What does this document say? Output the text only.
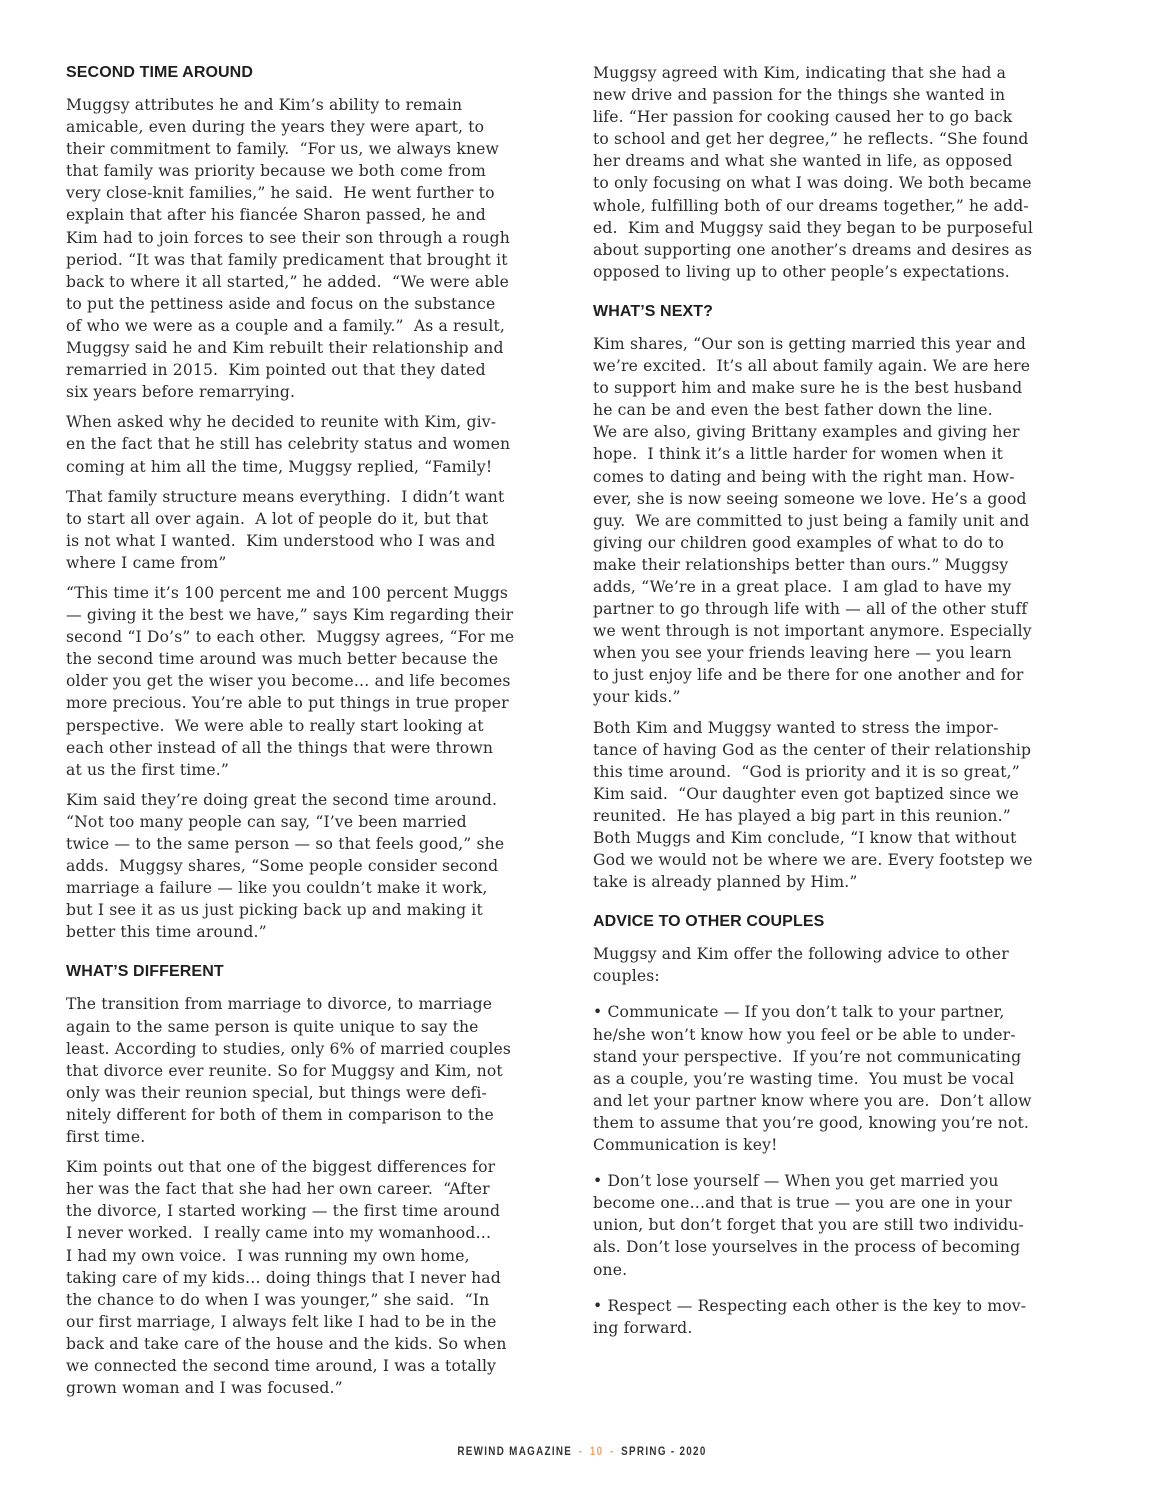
SECOND TIME AROUND

Muggsy attributes he and Kim’s ability to remain
amicable, even during the years they were apart, to
their commitment to family.  “For us, we always knew
that family was priority because we both come from
very close-knit families,” he said.  He went further to
explain that after his fiancée Sharon passed, he and
Kim had to join forces to see their son through a rough
period. “It was that family predicament that brought it
back to where it all started,” he added.  “We were able
to put the pettiness aside and focus on the substance
of who we were as a couple and a family.”  As a result,
Muggsy said he and Kim rebuilt their relationship and
remarried in 2015.  Kim pointed out that they dated
six years before remarrying.

When asked why he decided to reunite with Kim, giv-
en the fact that he still has celebrity status and women
coming at him all the time, Muggsy replied, “Family!

That family structure means everything.  I didn’t want
to start all over again.  A lot of people do it, but that
is not what I wanted.  Kim understood who I was and
where I came from”

“This time it’s 100 percent me and 100 percent Muggs
— giving it the best we have,” says Kim regarding their
second “I Do’s” to each other.  Muggsy agrees, “For me
the second time around was much better because the
older you get the wiser you become… and life becomes
more precious. You’re able to put things in true proper
perspective.  We were able to really start looking at
each other instead of all the things that were thrown
at us the first time.”

Kim said they’re doing great the second time around.
“Not too many people can say, “I’ve been married
twice — to the same person — so that feels good,” she
adds.  Muggsy shares, “Some people consider second
marriage a failure — like you couldn’t make it work,
but I see it as us just picking back up and making it
better this time around.”

WHAT’S DIFFERENT

The transition from marriage to divorce, to marriage
again to the same person is quite unique to say the
least. According to studies, only 6% of married couples
that divorce ever reunite. So for Muggsy and Kim, not
only was their reunion special, but things were defi-
nitely different for both of them in comparison to the
first time.

Kim points out that one of the biggest differences for
her was the fact that she had her own career.  “After
the divorce, I started working — the first time around
I never worked.  I really came into my womanhood…
I had my own voice.  I was running my own home,
taking care of my kids… doing things that I never had
the chance to do when I was younger,” she said.  “In
our first marriage, I always felt like I had to be in the
back and take care of the house and the kids. So when
we connected the second time around, I was a totally
grown woman and I was focused.”

Muggsy agreed with Kim, indicating that she had a
new drive and passion for the things she wanted in
life. “Her passion for cooking caused her to go back
to school and get her degree,” he reflects. “She found
her dreams and what she wanted in life, as opposed
to only focusing on what I was doing. We both became
whole, fulfilling both of our dreams together,” he add-
ed.  Kim and Muggsy said they began to be purposeful
about supporting one another’s dreams and desires as
opposed to living up to other people’s expectations.

WHAT’S NEXT?

Kim shares, “Our son is getting married this year and
we’re excited.  It’s all about family again. We are here
to support him and make sure he is the best husband
he can be and even the best father down the line.
We are also, giving Brittany examples and giving her
hope.  I think it’s a little harder for women when it
comes to dating and being with the right man. How-
ever, she is now seeing someone we love. He’s a good
guy.  We are committed to just being a family unit and
giving our children good examples of what to do to
make their relationships better than ours.” Muggsy
adds, “We’re in a great place.  I am glad to have my
partner to go through life with — all of the other stuff
we went through is not important anymore. Especially
when you see your friends leaving here — you learn
to just enjoy life and be there for one another and for
your kids.”

Both Kim and Muggsy wanted to stress the impor-
tance of having God as the center of their relationship
this time around.  “God is priority and it is so great,”
Kim said.  “Our daughter even got baptized since we
reunited.  He has played a big part in this reunion.”
Both Muggs and Kim conclude, “I know that without
God we would not be where we are. Every footstep we
take is already planned by Him.”

ADVICE TO OTHER COUPLES

Muggsy and Kim offer the following advice to other
couples:

• Communicate — If you don’t talk to your partner,
he/she won’t know how you feel or be able to under-
stand your perspective.  If you’re not communicating
as a couple, you’re wasting time.  You must be vocal
and let your partner know where you are.  Don’t allow
them to assume that you’re good, knowing you’re not.
Communication is key!

• Don’t lose yourself — When you get married you
become one…and that is true — you are one in your
union, but don’t forget that you are still two individu-
als. Don’t lose yourselves in the process of becoming
one.

• Respect — Respecting each other is the key to mov-
ing forward.

REWIND MAGAZINE - 10 - SPRING - 2020
